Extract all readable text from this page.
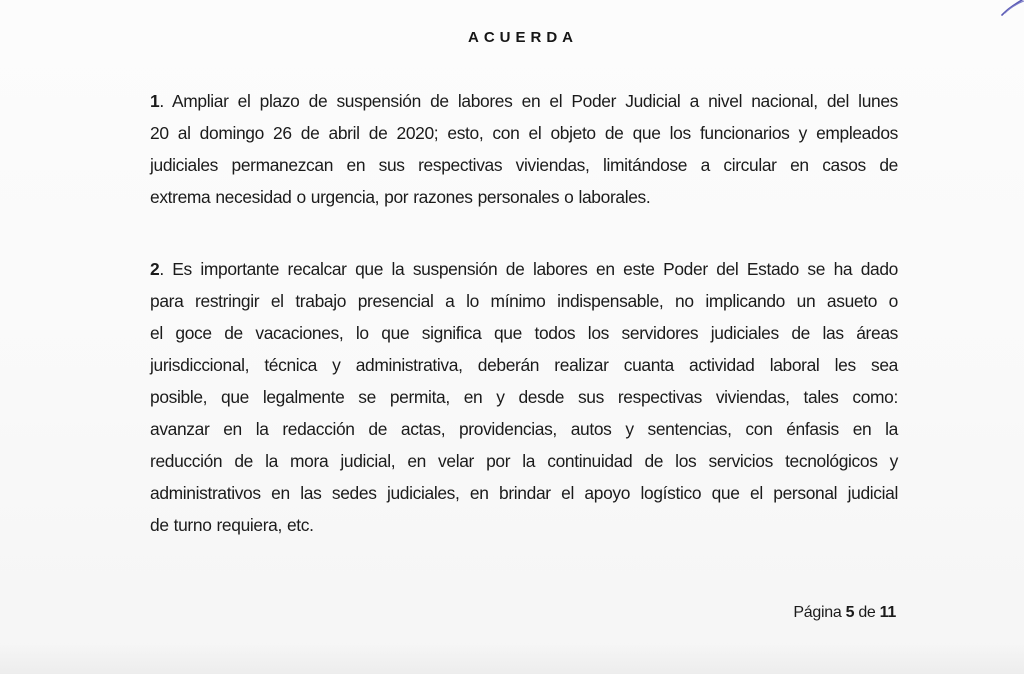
ACUERDA
1. Ampliar el plazo de suspensión de labores en el Poder Judicial a nivel nacional, del lunes
20 al domingo 26 de abril de 2020; esto, con el objeto de que los funcionarios y empleados
judiciales permanezcan en sus respectivas viviendas, limitándose a circular en casos de
extrema necesidad o urgencia, por razones personales o laborales.
2. Es importante recalcar que la suspensión de labores en este Poder del Estado se ha dado
para restringir el trabajo presencial a lo mínimo indispensable, no implicando un asueto o
el goce de vacaciones, lo que significa que todos los servidores judiciales de las áreas
jurisdiccional, técnica y administrativa, deberán realizar cuanta actividad laboral les sea
posible, que legalmente se permita, en y desde sus respectivas viviendas, tales como:
avanzar en la redacción de actas, providencias, autos y sentencias, con énfasis en la
reducción de la mora judicial, en velar por la continuidad de los servicios tecnológicos y
administrativos en las sedes judiciales, en brindar el apoyo logístico que el personal judicial
de turno requiera, etc.
Página 5 de 11
